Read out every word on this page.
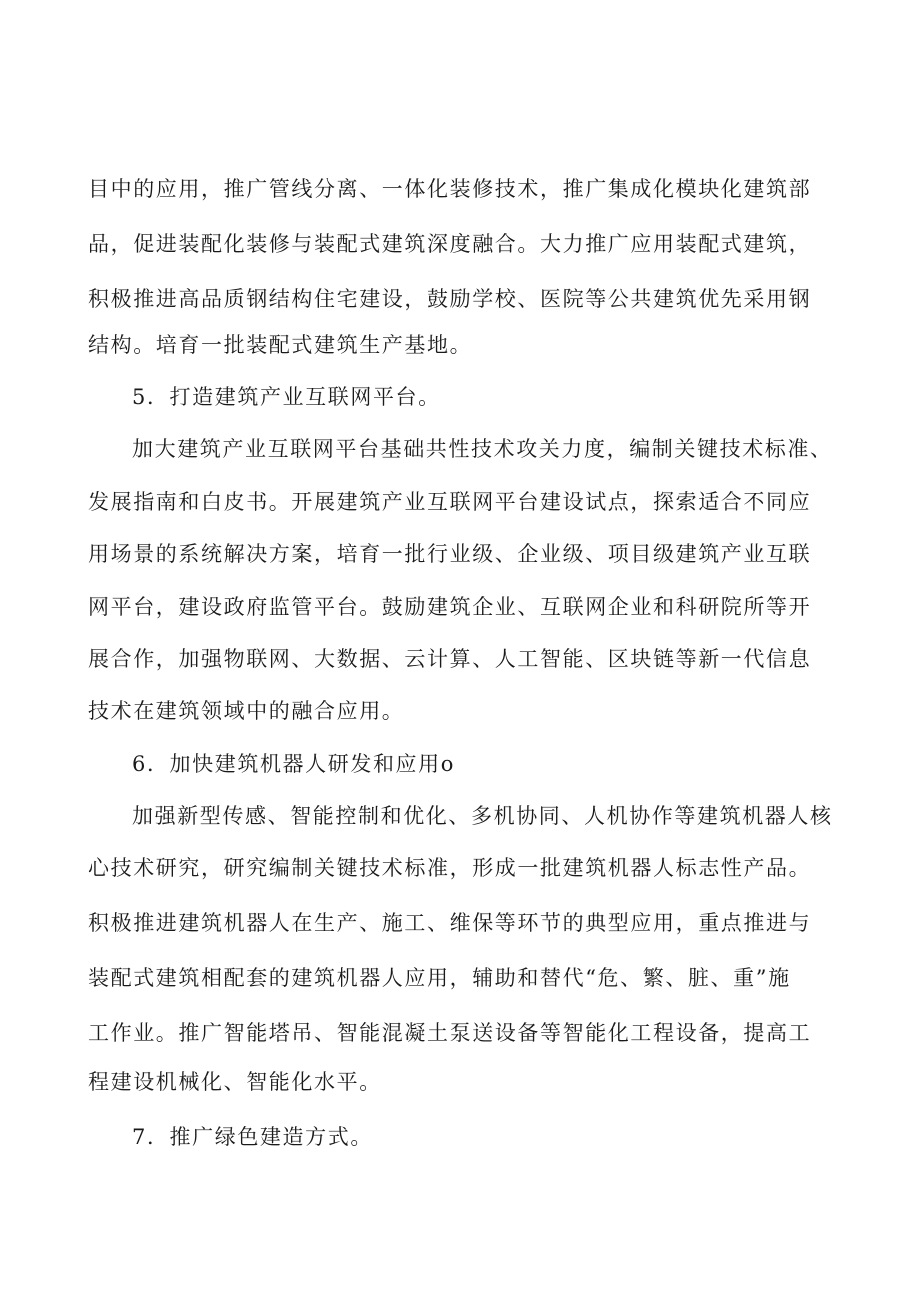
目中的应用，推广管线分离、一体化装修技术，推广集成化模块化建筑部
品，促进装配化装修与装配式建筑深度融合。大力推广应用装配式建筑，
积极推进高品质钢结构住宅建设，鼓励学校、医院等公共建筑优先采用钢
结构。培育一批装配式建筑生产基地。
5．打造建筑产业互联网平台。
加大建筑产业互联网平台基础共性技术攻关力度，编制关键技术标准、
发展指南和白皮书。开展建筑产业互联网平台建设试点，探索适合不同应
用场景的系统解决方案，培育一批行业级、企业级、项目级建筑产业互联
网平台，建设政府监管平台。鼓励建筑企业、互联网企业和科研院所等开
展合作，加强物联网、大数据、云计算、人工智能、区块链等新一代信息
技术在建筑领域中的融合应用。
6．加快建筑机器人研发和应用o
加强新型传感、智能控制和优化、多机协同、人机协作等建筑机器人核
心技术研究，研究编制关键技术标准，形成一批建筑机器人标志性产品。
积极推进建筑机器人在生产、施工、维保等环节的典型应用，重点推进与
装配式建筑相配套的建筑机器人应用，辅助和替代“危、繁、脏、重”施
工作业。推广智能塔吊、智能混凝土泵送设备等智能化工程设备，提高工
程建设机械化、智能化水平。
7．推广绿色建造方式。
